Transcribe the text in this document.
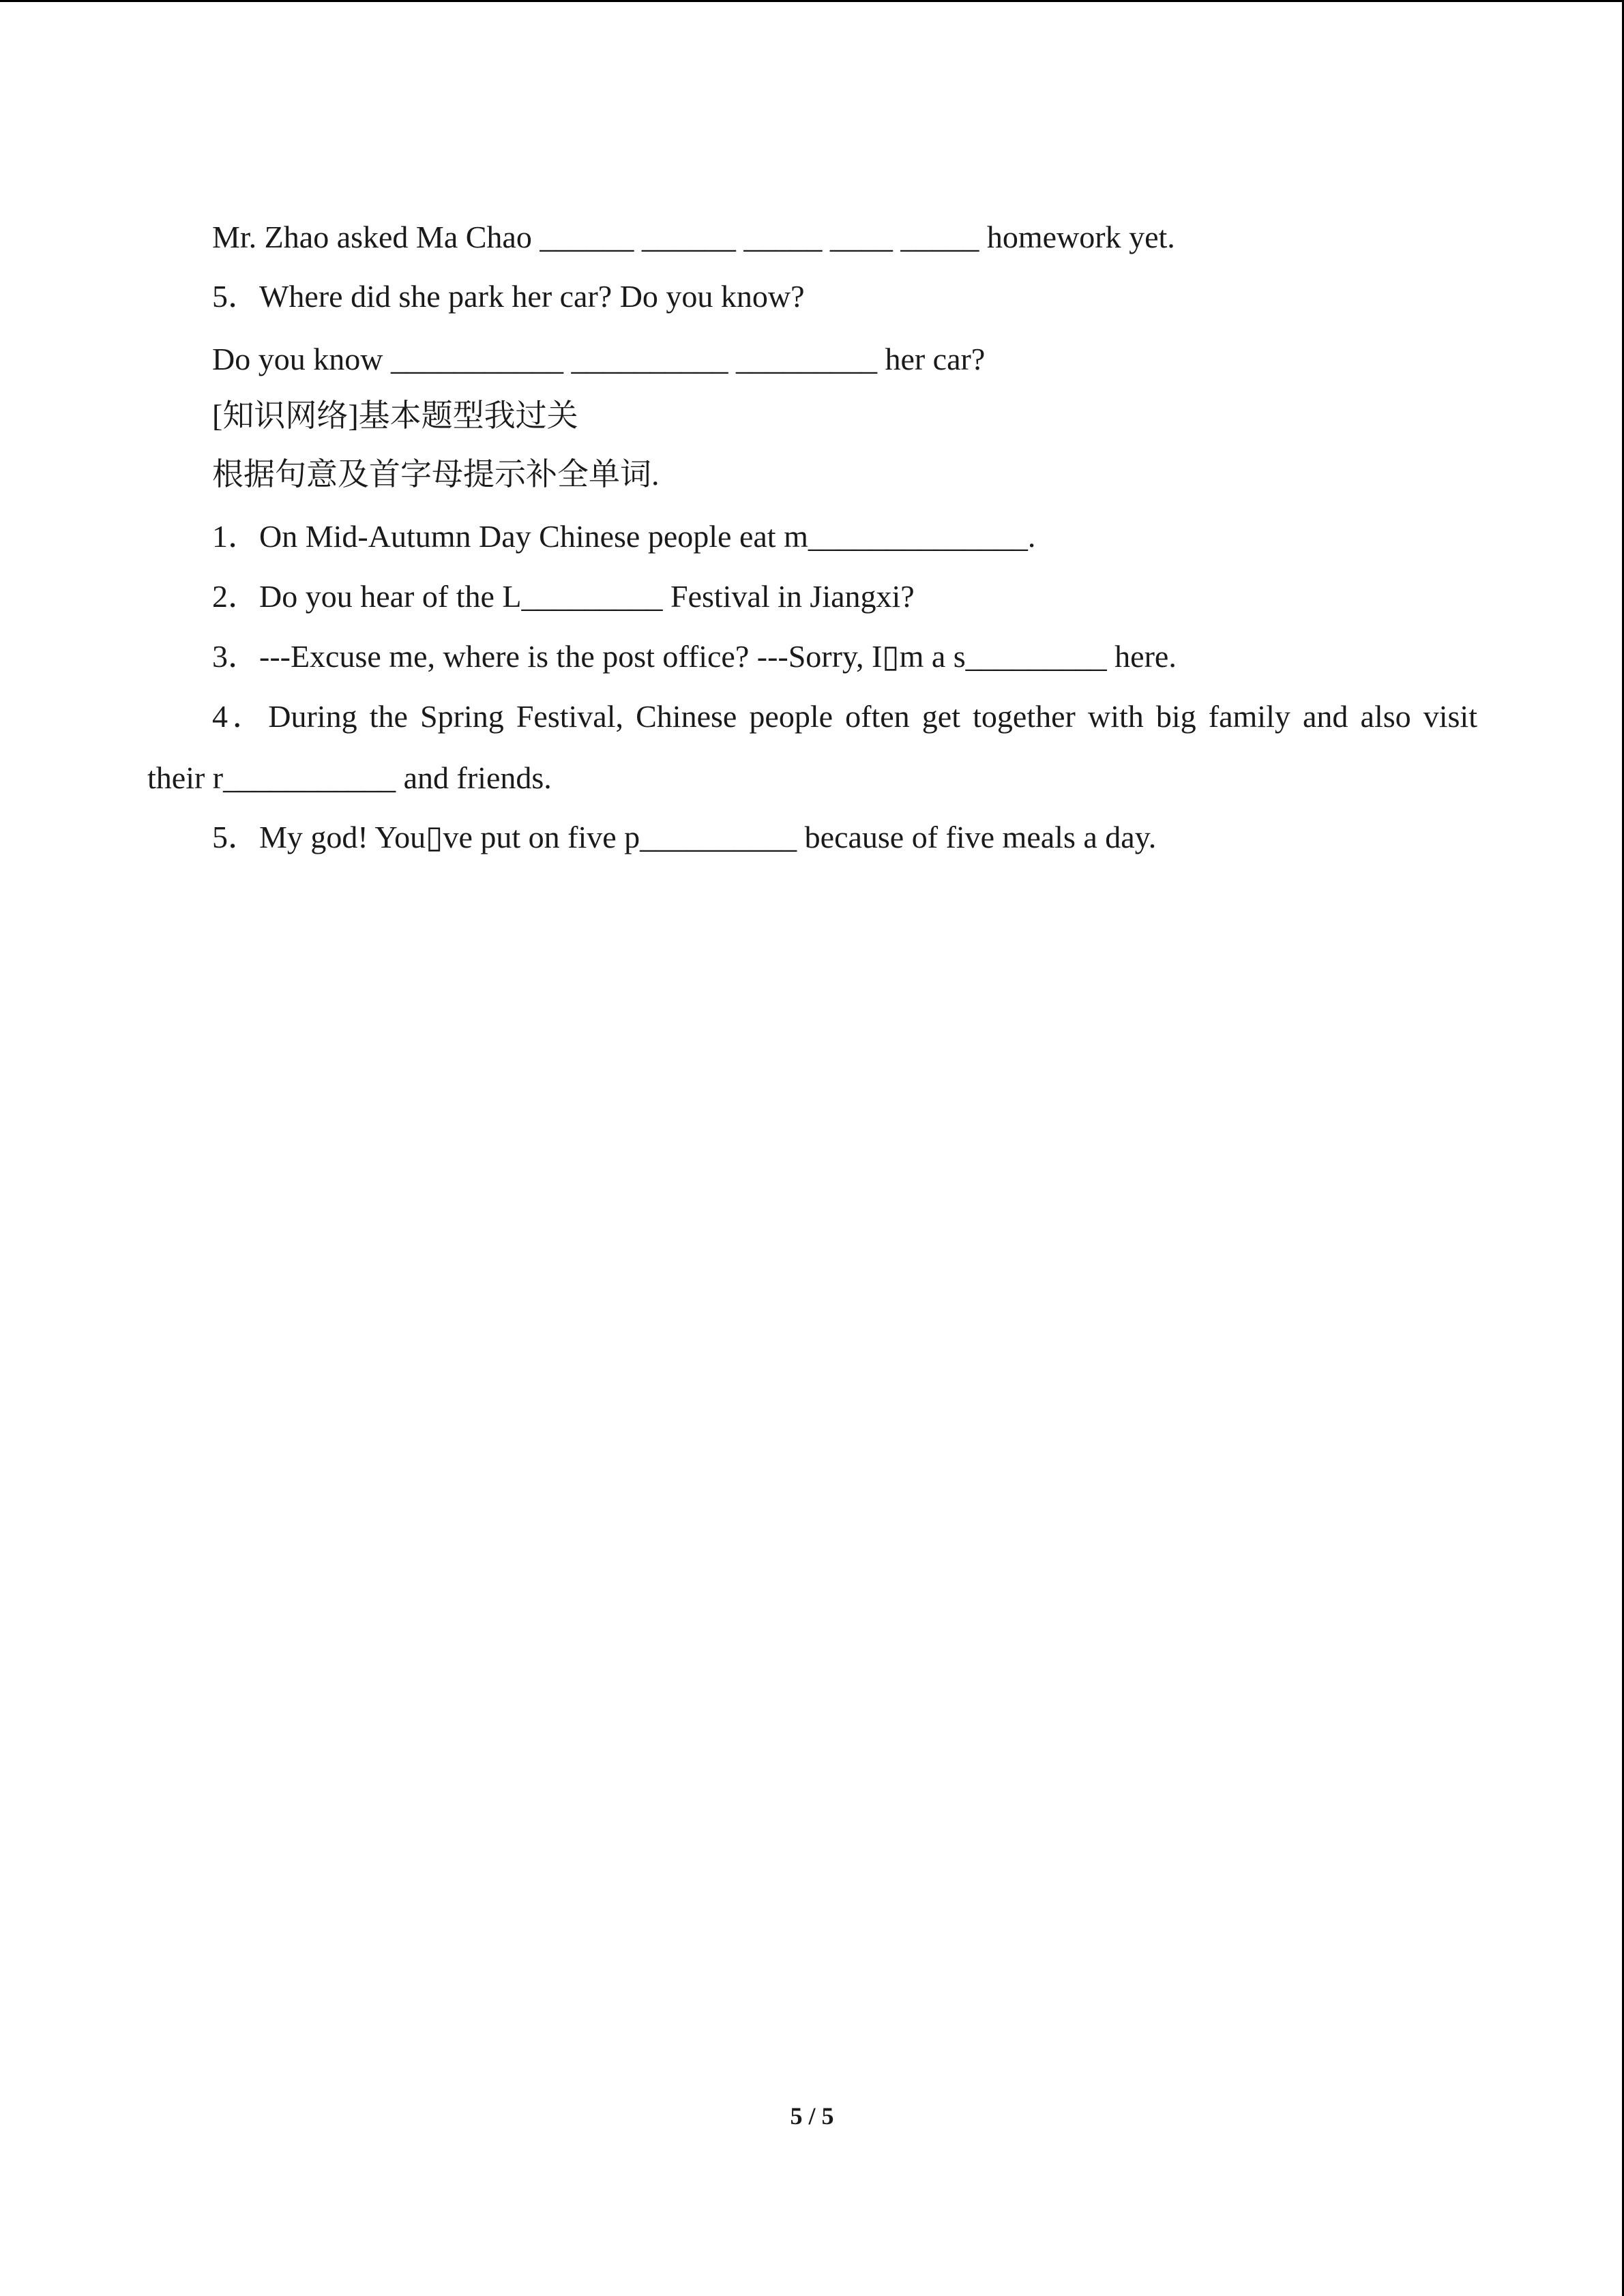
Mr. Zhao asked Ma Chao ______ ______ _____ ____ _____ homework yet.
5．Where did she park her car? Do you know?
Do you know ___________ __________ _________ her car?
[知识网络]基本题型我过关
根据句意及首字母提示补全单词.
1．On Mid-Autumn Day Chinese people eat m______________.
2．Do you hear of the L_________ Festival in Jiangxi?
3．---Excuse me, where is the post office? ---Sorry, I▯m a s_________ here.
4．During the Spring Festival, Chinese people often get together with big family and also visit
their r___________ and friends.
5．My god! You▯ve put on five p__________ because of five meals a day.
5 / 5
